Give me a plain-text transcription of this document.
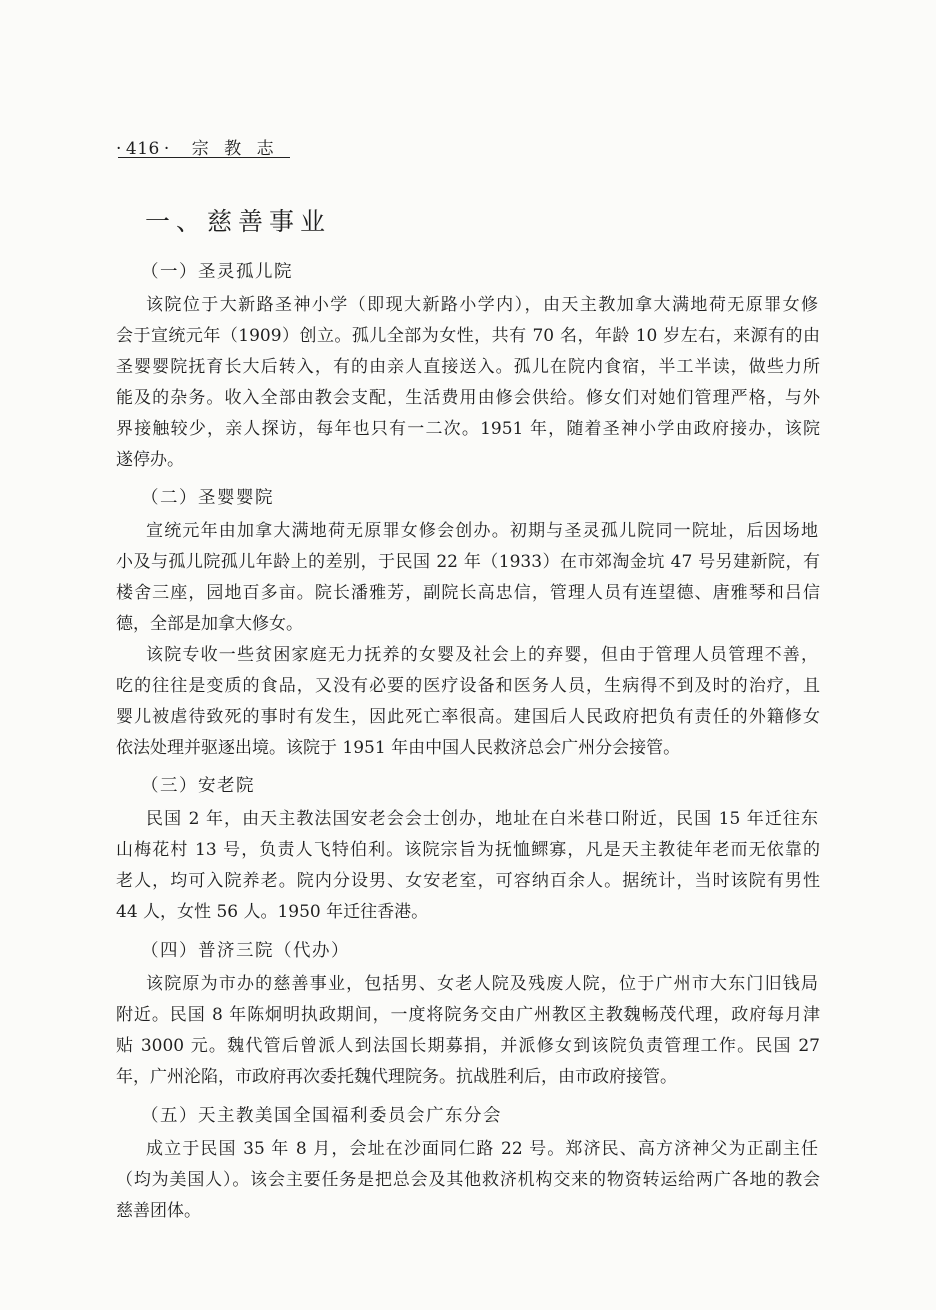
· 416 · 宗 教 志
一、慈善事业
（一）圣灵孤儿院
该院位于大新路圣神小学（即现大新路小学内），由天主教加拿大满地荷无原罪女修
会于宣统元年（1909）创立。孤儿全部为女性，共有 70 名，年龄 10 岁左右，来源有的由
圣婴婴院抚育长大后转入，有的由亲人直接送入。孤儿在院内食宿，半工半读，做些力所
能及的杂务。收入全部由教会支配，生活费用由修会供给。修女们对她们管理严格，与外
界接触较少，亲人探访，每年也只有一二次。1951 年，随着圣神小学由政府接办，该院
遂停办。
（二）圣婴婴院
宣统元年由加拿大满地荷无原罪女修会创办。初期与圣灵孤儿院同一院址，后因场地
小及与孤儿院孤儿年龄上的差别，于民国 22 年（1933）在市郊淘金坑 47 号另建新院，有
楼舍三座，园地百多亩。院长潘雅芳，副院长高忠信，管理人员有连望德、唐雅琴和吕信
德，全部是加拿大修女。
该院专收一些贫困家庭无力抚养的女婴及社会上的弃婴，但由于管理人员管理不善，
吃的往往是变质的食品，又没有必要的医疗设备和医务人员，生病得不到及时的治疗，且
婴儿被虐待致死的事时有发生，因此死亡率很高。建国后人民政府把负有责任的外籍修女
依法处理并驱逐出境。该院于 1951 年由中国人民救济总会广州分会接管。
（三）安老院
民国 2 年，由天主教法国安老会会士创办，地址在白米巷口附近，民国 15 年迁往东
山梅花村 13 号，负责人飞特伯利。该院宗旨为抚恤鳏寡，凡是天主教徒年老而无依靠的
老人，均可入院养老。院内分设男、女安老室，可容纳百余人。据统计，当时该院有男性
44 人，女性 56 人。1950 年迁往香港。
（四）普济三院（代办）
该院原为市办的慈善事业，包括男、女老人院及残废人院，位于广州市大东门旧钱局
附近。民国 8 年陈炯明执政期间，一度将院务交由广州教区主教魏畅茂代理，政府每月津
贴 3000 元。魏代管后曾派人到法国长期募捐，并派修女到该院负责管理工作。民国 27
年，广州沦陷，市政府再次委托魏代理院务。抗战胜利后，由市政府接管。
（五）天主教美国全国福利委员会广东分会
成立于民国 35 年 8 月，会址在沙面同仁路 22 号。郑济民、高方济神父为正副主任
（均为美国人）。该会主要任务是把总会及其他救济机构交来的物资转运给两广各地的教会
慈善团体。
